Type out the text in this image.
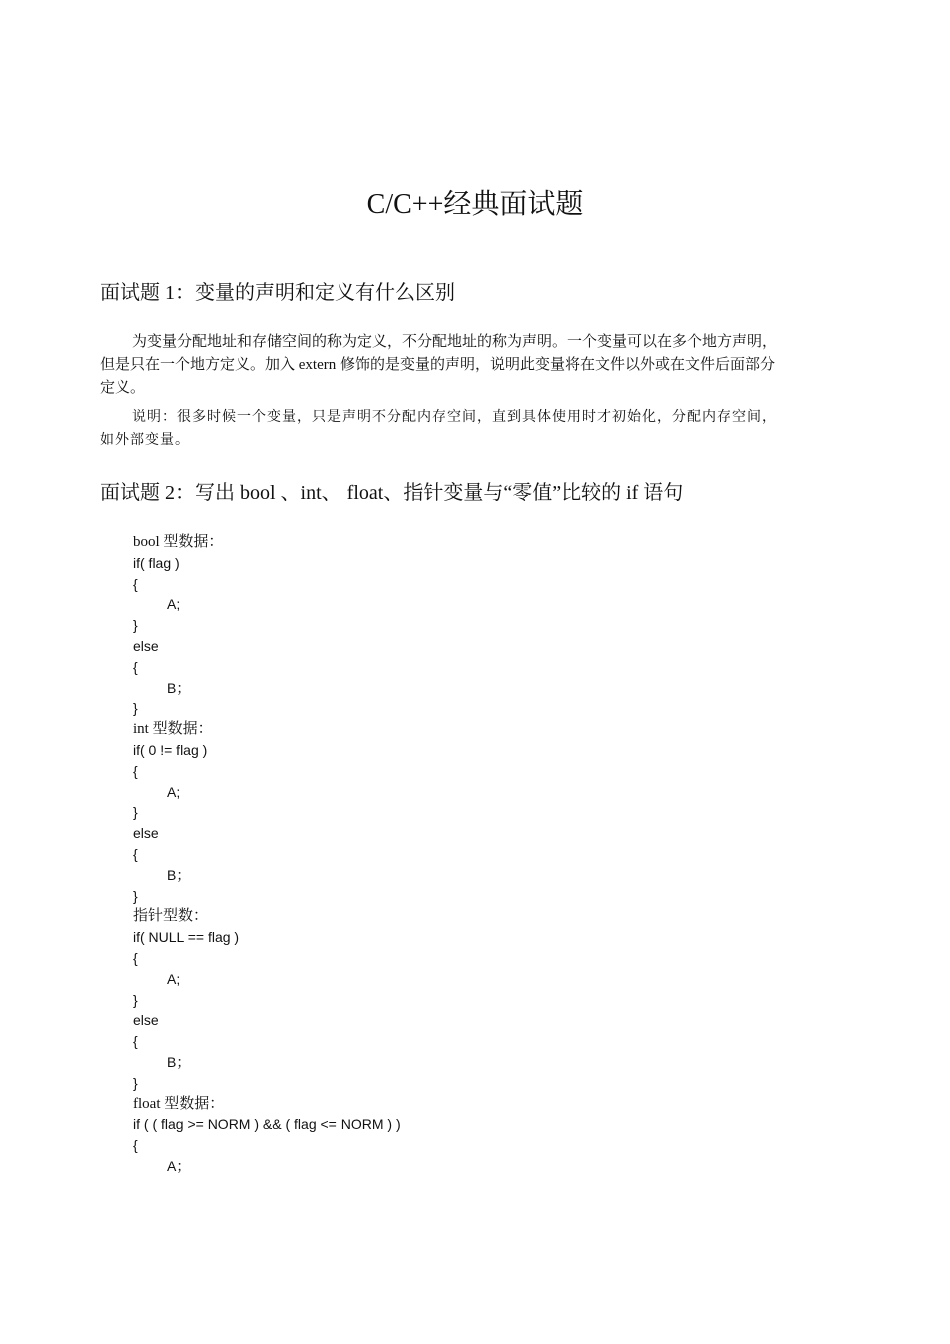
C/C++经典面试题
面试题 1：变量的声明和定义有什么区别
为变量分配地址和存储空间的称为定义，不分配地址的称为声明。一个变量可以在多个地方声明，
但是只在一个地方定义。加入 extern 修饰的是变量的声明，说明此变量将在文件以外或在文件后面部分
定义。
说明：很多时候一个变量，只是声明不分配内存空间，直到具体使用时才初始化，分配内存空间，
如外部变量。
面试题 2：写出 bool 、int、 float、指针变量与“零值”比较的 if 语句
bool 型数据：
if( flag )
{
A;
}
else
{
B；
}
int 型数据：
if( 0 != flag )
{
A;
}
else
{
B；
}
指针型数：
if( NULL == flag )
{
A;
}
else
{
B；
}
float 型数据：
if ( ( flag >= NORM ) && ( flag <= NORM ) )
{
A；
